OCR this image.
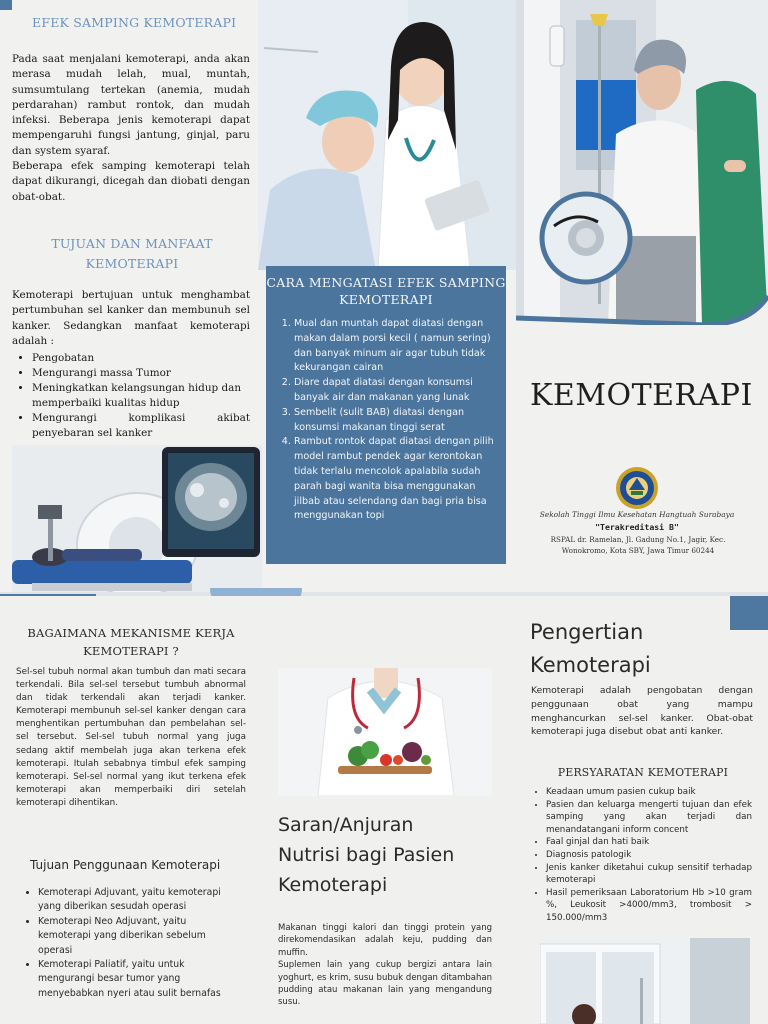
EFEK SAMPING KEMOTERAPI

Pada saat menjalani kemoterapi, anda akan merasa mudah lelah, mual, muntah, sumsumtulang tertekan (anemia, mudah perdarahan) rambut rontok, dan mudah infeksi. Beberapa jenis kemoterapi dapat mempengaruhi fungsi jantung, ginjal, paru dan system syaraf.

Beberapa efek samping kemoterapi telah dapat dikurangi, dicegah dan diobati dengan obat-obat.

TUJUAN DAN MANFAAT KEMOTERAPI

Kemoterapi bertujuan untuk menghambat pertumbuhan sel kanker dan membunuh sel kanker. Sedangkan manfaat kemoterapi adalah :

• Pengobatan
• Mengurangi massa Tumor
• Meningkatkan kelangsungan hidup dan memperbaiki kualitas hidup
• Mengurangi komplikasi akibat penyebaran sel kanker
CARA MENGATASI EFEK SAMPING KEMOTERAPI
1. Mual dan muntah dapat diatasi dengan makan dalam porsi kecil ( namun sering) dan banyak minum air agar tubuh tidak kekurangan cairan
2. Diare dapat diatasi dengan konsumsi banyak air dan makanan yang lunak
3. Sembelit (sulit BAB) diatasi dengan konsumsi makanan tinggi serat
4. Rambut rontok dapat diatasi dengan pilih model rambut pendek agar kerontokan tidak terlalu mencolok apalabila sudah parah bagi wanita bisa menggunakan jilbab atau selendang dan bagi pria bisa menggunakan topi
KEMOTERAPI
Sekolah Tinggi Ilmu Kesehatan Hangtuah Surabaya
"Terakreditasi B"
RSPAL dr. Ramelan, Jl. Gadung No.1, Jagir, Kec. Wonokromo, Kota SBY, Jawa Timur 60244
BAGAIMANA MEKANISME KERJA KEMOTERAPI ?

Sel-sel tubuh normal akan tumbuh dan mati secara terkendali. Bila sel-sel tersebut tumbuh abnormal dan tidak terkendali akan terjadi kanker. Kemoterapi membunuh sel-sel kanker dengan cara menghentikan pertumbuhan dan pembelahan sel-sel tersebut. Sel-sel tubuh normal yang juga sedang aktif membelah juga akan terkena efek kemoterapi. Itulah sebabnya timbul efek samping kemoterapi. Sel-sel normal yang ikut terkena efek kemoterapi akan memperbaiki diri setelah kemoterapi dihentikan.

Tujuan Penggunaan Kemoterapi
• Kemoterapi Adjuvant, yaitu kemoterapi yang diberikan sesudah operasi
• Kemoterapi Neo Adjuvant, yaitu kemoterapi yang diberikan sebelum operasi
• Kemoterapi Paliatif, yaitu untuk mengurangi besar tumor yang menyebabkan nyeri atau sulit bernafas
Saran/Anjuran
Nutrisi bagi Pasien
Kemoterapi

Makanan tinggi kalori dan tinggi protein yang direkomendasikan adalah keju, pudding dan muffin.

Suplemen lain yang cukup bergizi antara lain yoghurt, es krim, susu bubuk dengan ditambahan pudding atau makanan lain yang mengandung susu.

Pengertian
Kemoterapi

Kemoterapi adalah pengobatan dengan penggunaan obat yang mampu menghancurkan sel-sel kanker. Obat-obat kemoterapi juga disebut obat anti kanker.

PERSYARATAN KEMOTERAPI
• Keadaan umum pasien cukup baik
• Pasien dan keluarga mengerti tujuan dan efek samping yang akan terjadi dan menandatangani inform concent
• Faal ginjal dan hati baik
• Diagnosis patologik
• Jenis kanker diketahui cukup sensitif terhadap kemoterapi
• Hasil pemeriksaan Laboratorium Hb >10 gram %, Leukosit >4000/mm3, trombosit > 150.000/mm3
